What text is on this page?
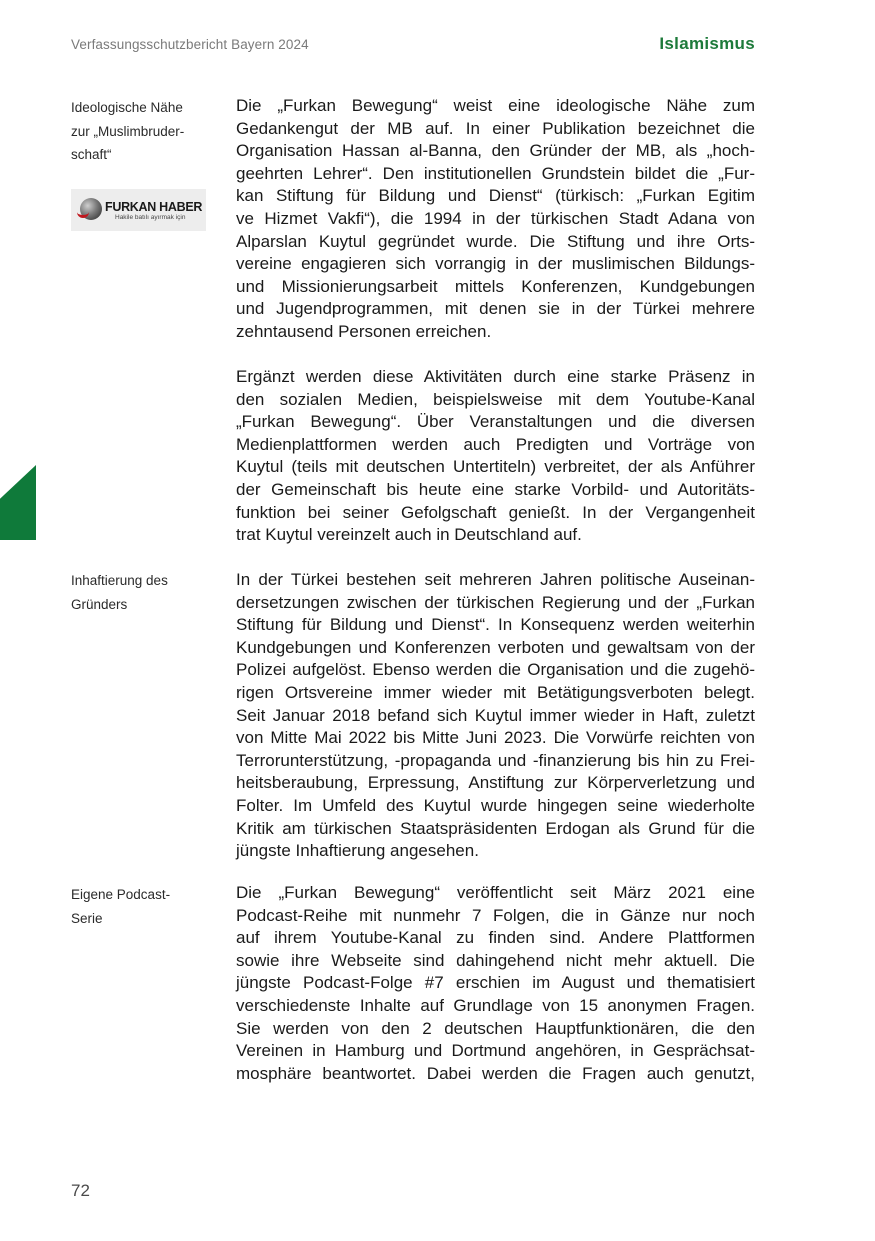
Verfassungsschutzbericht Bayern 2024	Islamismus
Ideologische Nähe
zur „Muslimbruder-
schaft“
FURKAN HABER
Hakile batılı ayırmak için
Inhaftierung des
Gründers
Eigene Podcast-
Serie
Die „Furkan Bewegung“ weist eine ideologische Nähe zum
Gedankengut der MB auf. In einer Publikation bezeichnet die
Organisation Hassan al-Banna, den Gründer der MB, als „hoch-
geehrten Lehrer“. Den institutionellen Grundstein bildet die „Fur-
kan Stiftung für Bildung und Dienst“ (türkisch: „Furkan Egitim
ve Hizmet Vakfi“), die 1994 in der türkischen Stadt Adana von
Alparslan Kuytul gegründet wurde. Die Stiftung und ihre Orts-
vereine engagieren sich vorrangig in der muslimischen Bildungs-
und Missionierungsarbeit mittels Konferenzen, Kundgebungen
und Jugendprogrammen, mit denen sie in der Türkei mehrere
zehntausend Personen erreichen.
Ergänzt werden diese Aktivitäten durch eine starke Präsenz in
den sozialen Medien, beispielsweise mit dem Youtube-Kanal
„Furkan Bewegung“. Über Veranstaltungen und die diversen
Medienplattformen werden auch Predigten und Vorträge von
Kuytul (teils mit deutschen Untertiteln) verbreitet, der als Anführer
der Gemeinschaft bis heute eine starke Vorbild- und Autoritäts-
funktion bei seiner Gefolgschaft genießt. In der Vergangenheit
trat Kuytul vereinzelt auch in Deutschland auf.
In der Türkei bestehen seit mehreren Jahren politische Auseinan-
dersetzungen zwischen der türkischen Regierung und der „Furkan
Stiftung für Bildung und Dienst“. In Konsequenz werden weiterhin
Kundgebungen und Konferenzen verboten und gewaltsam von der
Polizei aufgelöst. Ebenso werden die Organisation und die zugehö-
rigen Ortsvereine immer wieder mit Betätigungsverboten belegt.
Seit Januar 2018 befand sich Kuytul immer wieder in Haft, zuletzt
von Mitte Mai 2022 bis Mitte Juni 2023. Die Vorwürfe reichten von
Terrorunterstützung, -propaganda und -finanzierung bis hin zu Frei-
heitsberaubung, Erpressung, Anstiftung zur Körperverletzung und
Folter. Im Umfeld des Kuytul wurde hingegen seine wiederholte
Kritik am türkischen Staatspräsidenten Erdogan als Grund für die
jüngste Inhaftierung angesehen.
Die „Furkan Bewegung“ veröffentlicht seit März 2021 eine
Podcast-Reihe mit nunmehr 7 Folgen, die in Gänze nur noch
auf ihrem Youtube-Kanal zu finden sind. Andere Plattformen
sowie ihre Webseite sind dahingehend nicht mehr aktuell. Die
jüngste Podcast-Folge #7 erschien im August und thematisiert
verschiedenste Inhalte auf Grundlage von 15 anonymen Fragen.
Sie werden von den 2 deutschen Hauptfunktionären, die den
Vereinen in Hamburg und Dortmund angehören, in Gesprächsat-
mosphäre beantwortet. Dabei werden die Fragen auch genutzt,
72
